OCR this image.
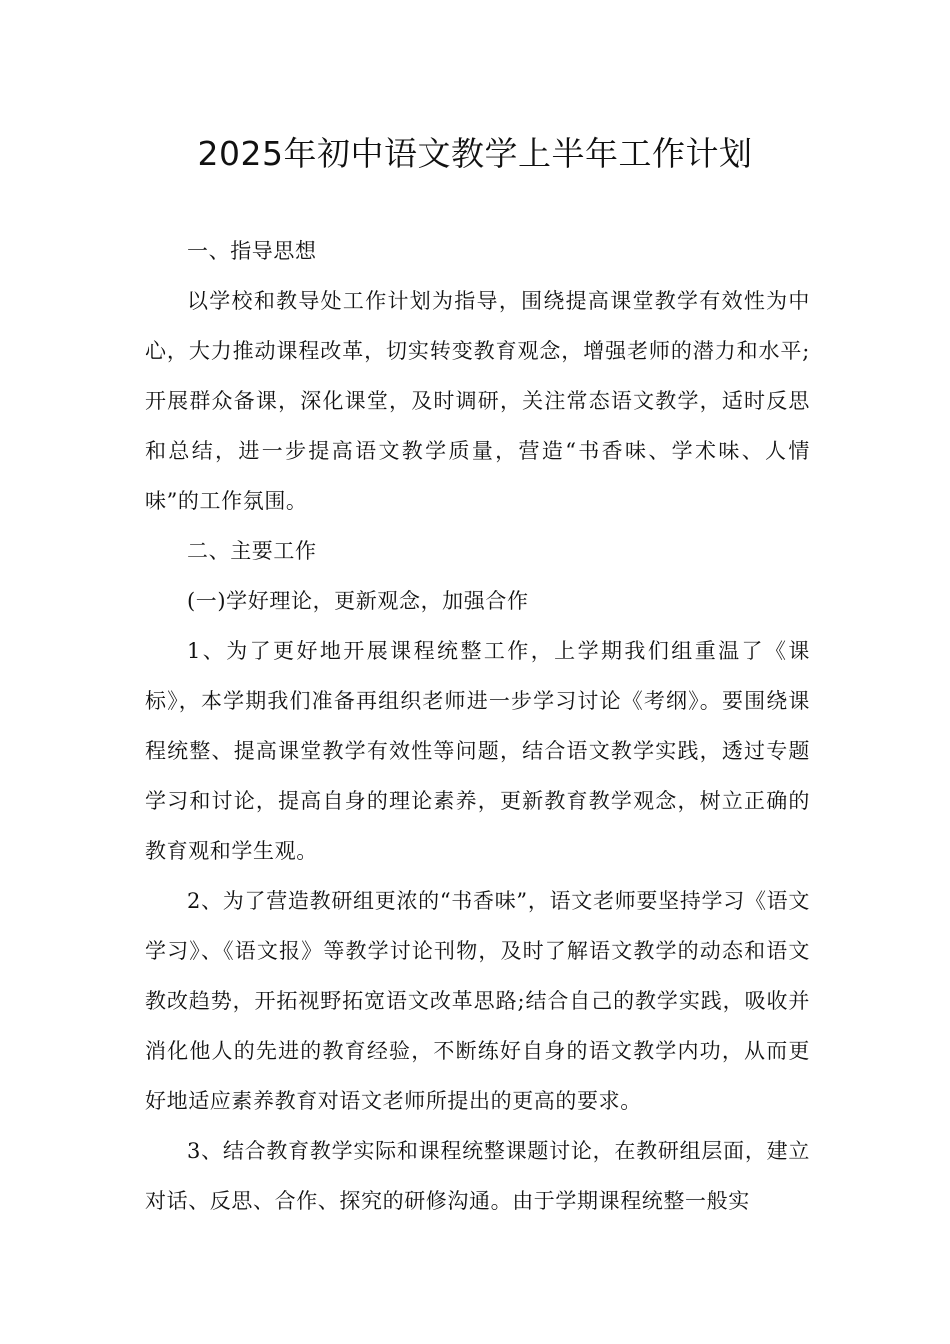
2025年初中语文教学上半年工作计划

一、指导思想

以学校和教导处工作计划为指导，围绕提高课堂教学有效性为中心，大力推动课程改革，切实转变教育观念，增强老师的潜力和水平;开展群众备课，深化课堂，及时调研，关注常态语文教学，适时反思和总结，进一步提高语文教学质量，营造“书香味、学术味、人情味”的工作氛围。

二、主要工作

(一)学好理论，更新观念，加强合作

1、为了更好地开展课程统整工作，上学期我们组重温了《课标》，本学期我们准备再组织老师进一步学习讨论《考纲》。要围绕课程统整、提高课堂教学有效性等问题，结合语文教学实践，透过专题学习和讨论，提高自身的理论素养，更新教育教学观念，树立正确的教育观和学生观。

2、为了营造教研组更浓的“书香味”，语文老师要坚持学习《语文学习》、《语文报》等教学讨论刊物，及时了解语文教学的动态和语文教改趋势，开拓视野拓宽语文改革思路;结合自己的教学实践，吸收并消化他人的先进的教育经验，不断练好自身的语文教学内功，从而更好地适应素养教育对语文老师所提出的更高的要求。

3、结合教育教学实际和课程统整课题讨论，在教研组层面，建立对话、反思、合作、探究的研修沟通。由于学期课程统整一般实
